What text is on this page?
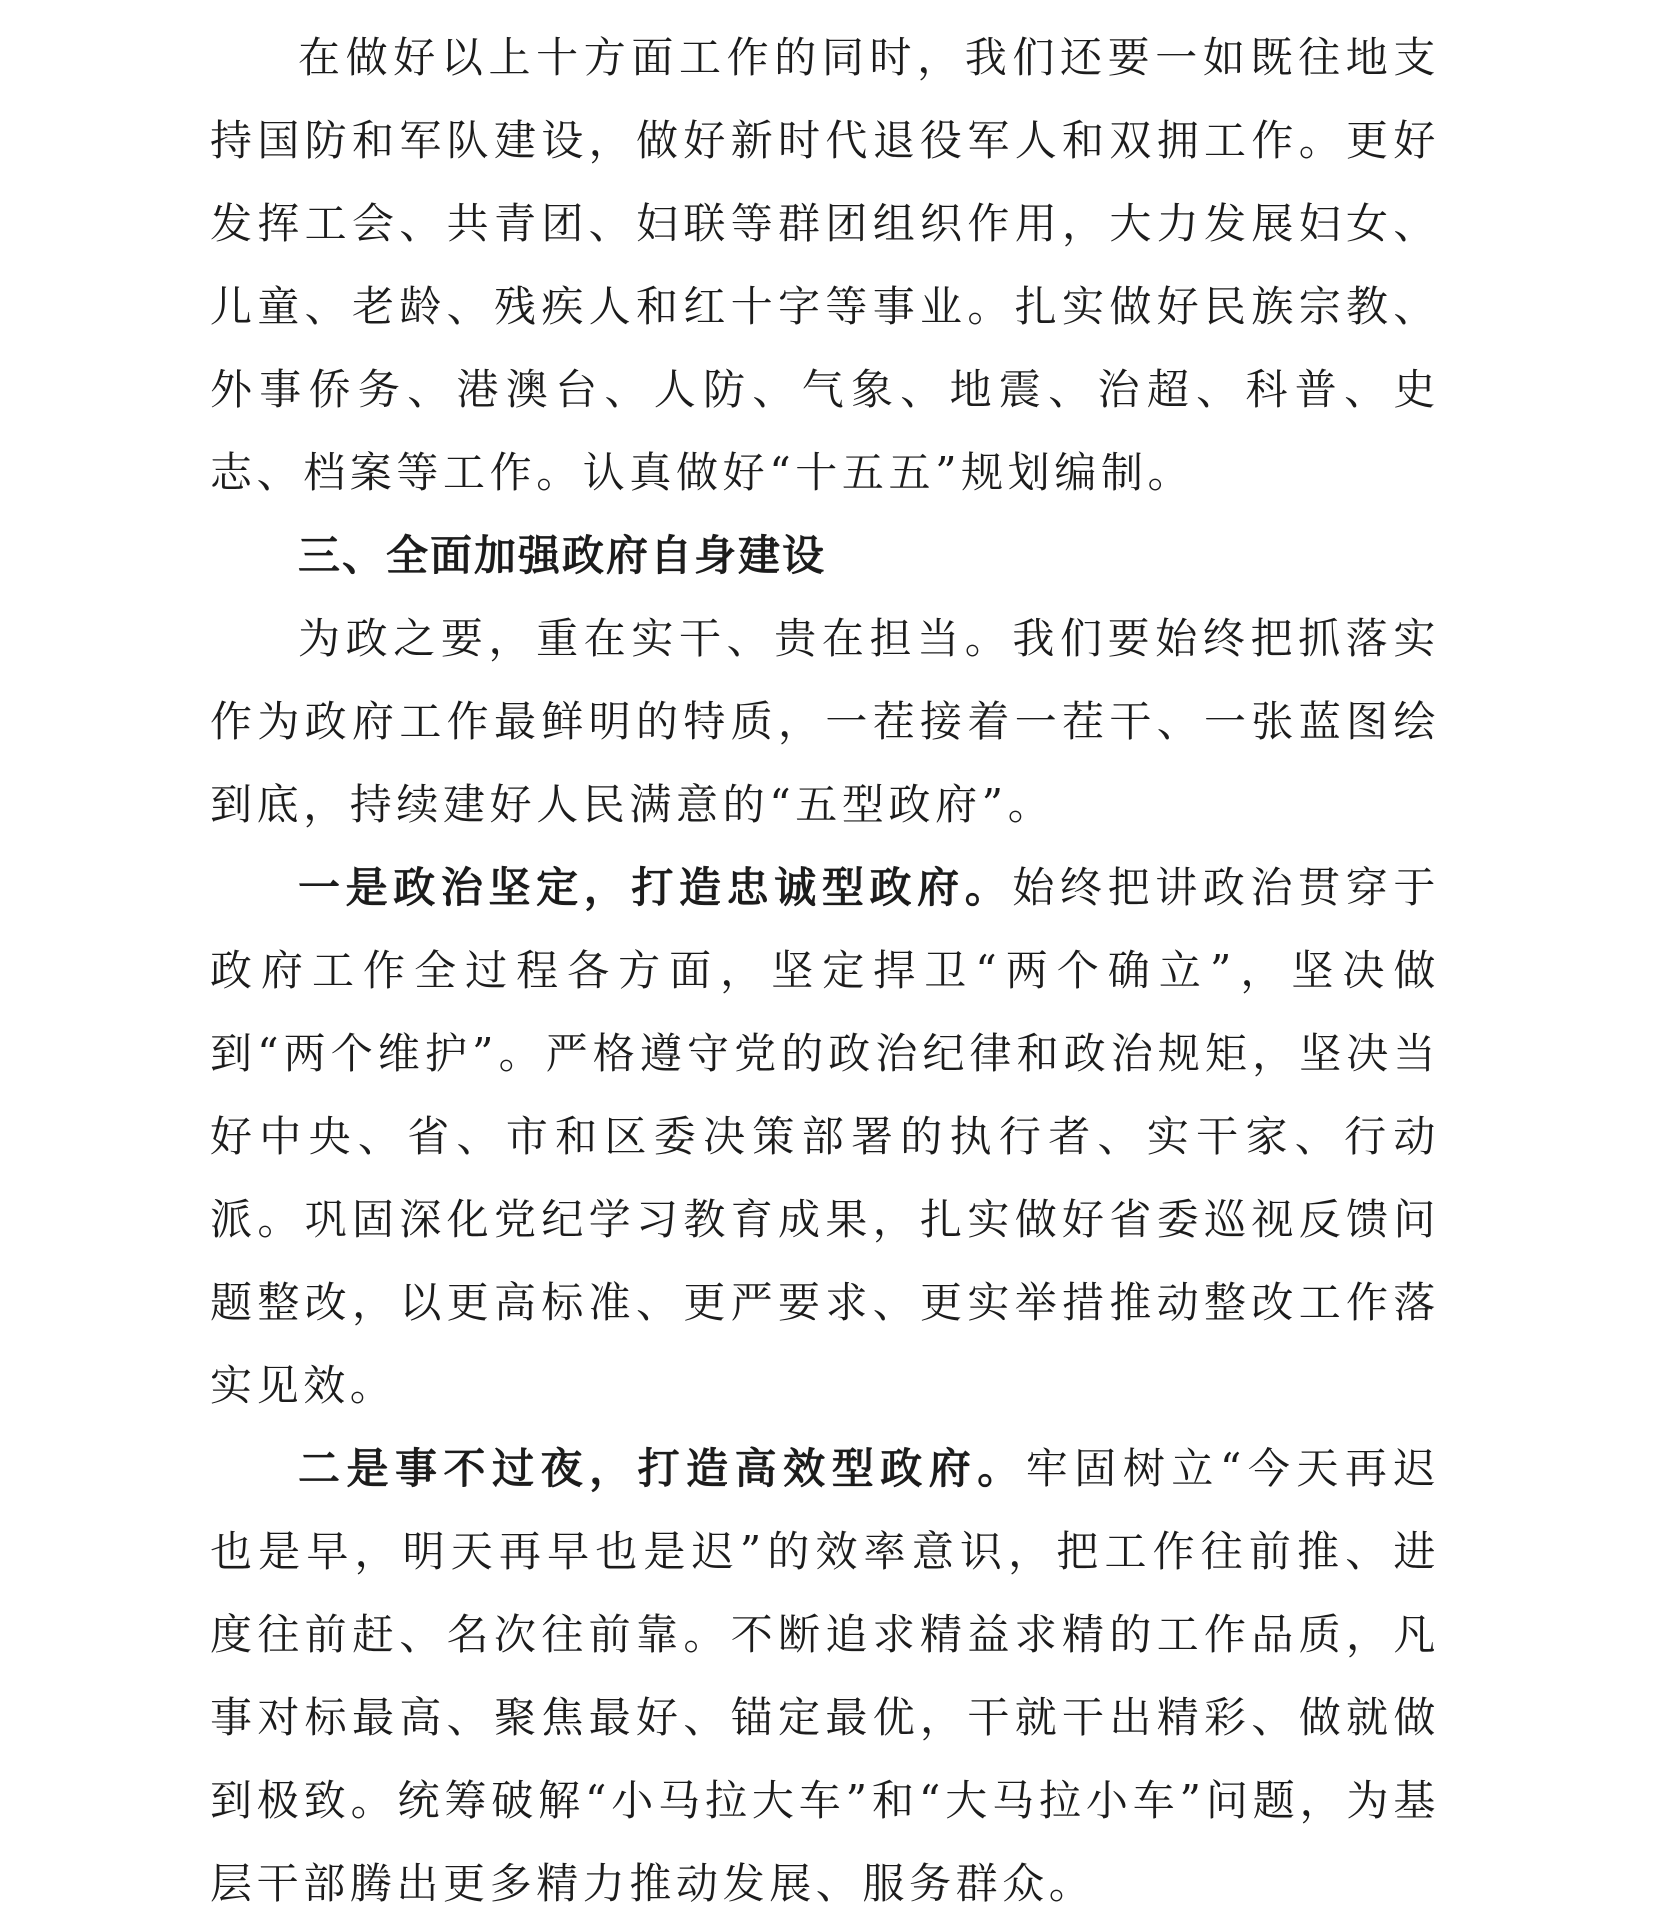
在做好以上十方面工作的同时，我们还要一如既往地支持国防和军队建设，做好新时代退役军人和双拥工作。更好发挥工会、共青团、妇联等群团组织作用，大力发展妇女、儿童、老龄、残疾人和红十字等事业。扎实做好民族宗教、外事侨务、港澳台、人防、气象、地震、治超、科普、史志、档案等工作。认真做好“十五五”规划编制。

三、全面加强政府自身建设

为政之要，重在实干、贵在担当。我们要始终把抓落实作为政府工作最鲜明的特质，一茬接着一茬干、一张蓝图绘到底，持续建好人民满意的“五型政府”。

一是政治坚定，打造忠诚型政府。始终把讲政治贯穿于政府工作全过程各方面，坚定捍卫“两个确立”，坚决做到“两个维护”。严格遵守党的政治纪律和政治规矩，坚决当好中央、省、市和区委决策部署的执行者、实干家、行动派。巩固深化党纪学习教育成果，扎实做好省委巡视反馈问题整改，以更高标准、更严要求、更实举措推动整改工作落实见效。

二是事不过夜，打造高效型政府。牢固树立“今天再迟也是早，明天再早也是迟”的效率意识，把工作往前推、进度往前赶、名次往前靠。不断追求精益求精的工作品质，凡事对标最高、聚焦最好、锚定最优，干就干出精彩、做就做到极致。统筹破解“小马拉大车”和“大马拉小车”问题，为基层干部腾出更多精力推动发展、服务群众。
